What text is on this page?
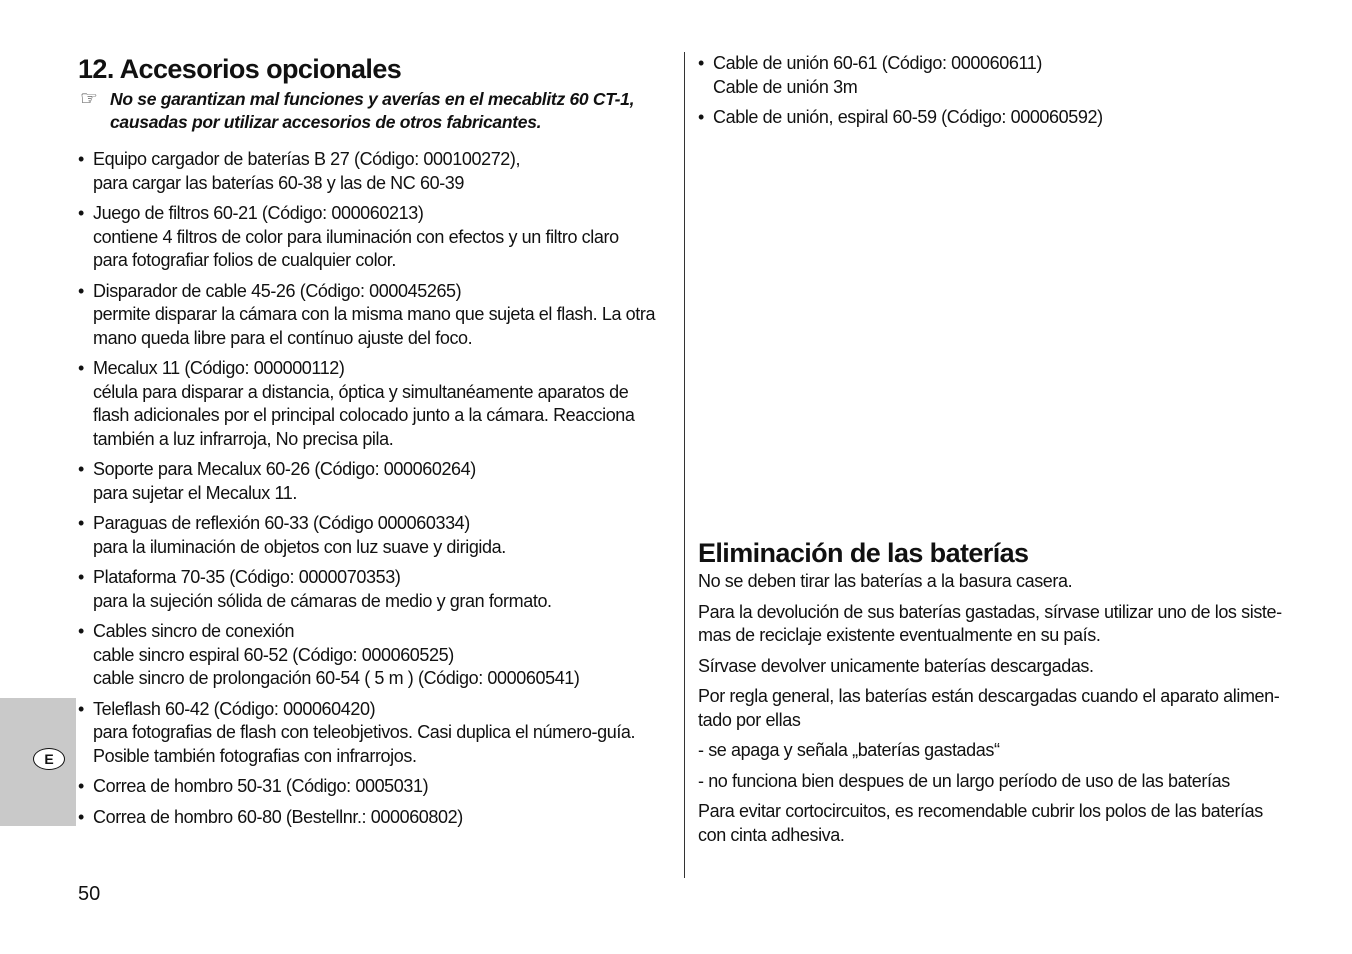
E
12. Accesorios opcionales
☞ No se garantizan mal funciones y averías en el mecablitz 60 CT-1,
causadas por utilizar accesorios de otros fabricantes.
• Equipo cargador de baterías B 27 (Código: 000100272),
para cargar las baterías 60-38 y las de NC 60-39
• Juego de filtros 60-21 (Código: 000060213)
contiene 4 filtros de color para iluminación con efectos y un filtro claro
para fotografiar folios de cualquier color.
• Disparador de cable 45-26 (Código: 000045265)
permite disparar la cámara con la misma mano que sujeta el flash. La otra
mano queda libre para el contínuo ajuste del foco.
• Mecalux 11 (Código: 000000112)
célula para disparar a distancia, óptica y simultanéamente aparatos de
flash adicionales por el principal colocado junto a la cámara. Reacciona
también a luz infrarroja, No precisa pila.
• Soporte para Mecalux 60-26 (Código: 000060264)
para sujetar el Mecalux 11.
• Paraguas de reflexión 60-33 (Código 000060334)
para la iluminación de objetos con luz suave y dirigida.
• Plataforma 70-35 (Código: 0000070353)
para la sujeción sólida de cámaras de medio y gran formato.
• Cables sincro de conexión
cable sincro espiral 60-52 (Código: 000060525)
cable sincro de prolongación 60-54 ( 5 m ) (Código: 000060541)
• Teleflash 60-42 (Código: 000060420)
para fotografias de flash con teleobjetivos. Casi duplica el número-guía.
Posible también fotografias con infrarrojos.
• Correa de hombro 50-31 (Código: 0005031)
• Correa de hombro 60-80 (Bestellnr.: 000060802)
• Cable de unión 60-61 (Código: 000060611)
Cable de unión 3m
• Cable de unión, espiral 60-59 (Código: 000060592)
Eliminación de las baterías

No se deben tirar las baterías a la basura casera.

Para la devolución de sus baterías gastadas, sírvase utilizar uno de los siste-
mas de reciclaje existente eventualmente en su país.

Sírvase devolver unicamente baterías descargadas.

Por regla general, las baterías están descargadas cuando el aparato alimen-
tado por ellas

- se apaga y señala „baterías gastadas“

- no funciona bien despues de un largo período de uso de las baterías

Para evitar cortocircuitos, es recomendable cubrir los polos de las baterías
con cinta adhesiva.

50
